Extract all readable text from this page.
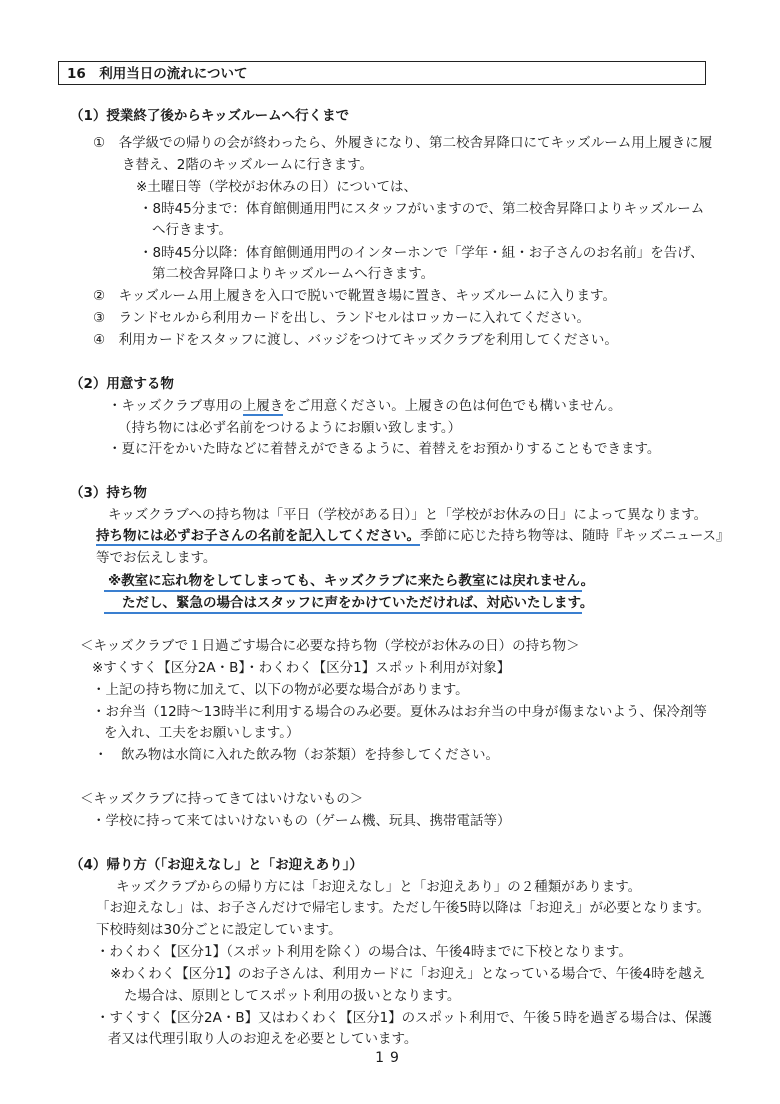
16　利用当日の流れについて
（1）授業終了後からキッズルームへ行くまで
①　各学級での帰りの会が終わったら、外履きになり、第二校舎昇降口にてキッズルーム用上履きに履
き替え、2階のキッズルームに行きます。
※土曜日等（学校がお休みの日）については、
・8時45分まで：体育館側通用門にスタッフがいますので、第二校舎昇降口よりキッズルーム
へ行きます。
・8時45分以降：体育館側通用門のインターホンで「学年・組・お子さんのお名前」を告げ、
第二校舎昇降口よりキッズルームへ行きます。
②　キッズルーム用上履きを入口で脱いで靴置き場に置き、キッズルームに入ります。
③　ランドセルから利用カードを出し、ランドセルはロッカーに入れてください。
④　利用カードをスタッフに渡し、バッジをつけてキッズクラブを利用してください。
（2）用意する物
・キッズクラブ専用の上履きをご用意ください。上履きの色は何色でも構いません。
（持ち物には必ず名前をつけるようにお願い致します。）
・夏に汗をかいた時などに着替えができるように、着替えをお預かりすることもできます。
（3）持ち物
キッズクラブへの持ち物は「平日（学校がある日）」と「学校がお休みの日」によって異なります。
持ち物には必ずお子さんの名前を記入してください。季節に応じた持ち物等は、随時『キッズニュース』
等でお伝えします。
※教室に忘れ物をしてしまっても、キッズクラブに来たら教室には戻れません。
ただし、緊急の場合はスタッフに声をかけていただければ、対応いたします。
＜キッズクラブで１日過ごす場合に必要な持ち物（学校がお休みの日）の持ち物＞
※すくすく【区分2A・B】・わくわく【区分1】スポット利用が対象】
・上記の持ち物に加えて、以下の物が必要な場合があります。
・お弁当（12時～13時半に利用する場合のみ必要。夏休みはお弁当の中身が傷まないよう、保冷剤等
を入れ、工夫をお願いします。）
・　飲み物は水筒に入れた飲み物（お茶類）を持参してください。
＜キッズクラブに持ってきてはいけないもの＞
・学校に持って来てはいけないもの（ゲーム機、玩具、携帯電話等）
（4）帰り方（「お迎えなし」と「お迎えあり」）
キッズクラブからの帰り方には「お迎えなし」と「お迎えあり」の２種類があります。
「お迎えなし」は、お子さんだけで帰宅します。ただし午後5時以降は「お迎え」が必要となります。
下校時刻は30分ごとに設定しています。
・わくわく【区分1】（スポット利用を除く）の場合は、午後4時までに下校となります。
※わくわく【区分1】のお子さんは、利用カードに「お迎え」となっている場合で、午後4時を越え
た場合は、原則としてスポット利用の扱いとなります。
・すくすく【区分2A・B】又はわくわく【区分1】のスポット利用で、午後５時を過ぎる場合は、保護
者又は代理引取り人のお迎えを必要としています。
19
